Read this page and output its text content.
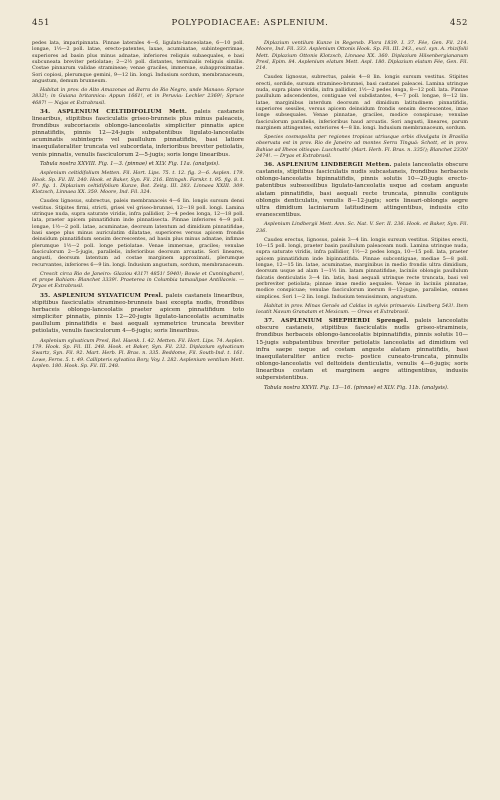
451	POLYPODIACEAE: ASPLENIUM.	452

pedes lata, imparipinnata. Pinnae laterales 4—6, ligulato-lanceolatae, 6—10 poll. longae, 1½—2 poll. latae, erecto-patentes, laxae, acuminatae, subintegerrimae, superiores ad basin plus minus adnatae, inferiores reliquis subaequales, e basi subcuneata breviter petiolatae; 2—2½ poll. distantes, terminalis reliquis similis. Costae pinnarum validae stramineae; venae graciles, immersae, subapproximatae. Sori copiosi, plerumque gemini, 9—12 lin. longi. Indusium sordum, membranaceum, angustum, demum brunneum.

Habitat in prov. do Alto Amazonas ad Barra do Rio Negro, unde Manaos: Spruce 3832!; in Guiana britannica: Appun 1661!, et in Peruvia: Lechler 2369!; Spruce 4687! — Najas et Extrabrasil.

34. ASPLENIUM CELTIDIFOLIUM Mett. paleis castaneis linearibus, stipitibus fasciculatis griseo-brunneis plus minus paleaceis, frondibus subcoriaceis oblongo-lanceolatis simpliciter pinnatis apice pinnatifidis, pinnis 12—24-jugis subpatentibus ligulato-lanceolatis acuminatis subintegris vel paullulum pinnatifidis, basi latiore inaequilateraliter truncata vel subcordata, inferioribus breviter petiolatis, venis pinnatis, venulis fasciculorum 2—5-jugis; soris longe linearibus.

Tabula nostra XXVIII. Fig. 1—3. (pinnae) et XLV. Fig. 11a. (analysis).

Asplenium celtidifolium Metten. Fil. Hort. Lips. 75. t. 12. fig. 3—6. Asplen. 179. Hook. Sp. Fil. III. 240. Hook. et Baker, Syn. Fil. 216. Ettingsh. Farnkr. t. 95. fig. 8. t. 97. fig. 1. Diplazium celtidifolium Kunze, Bot. Zeitg. III. 283. Linnaea XXIII. 309. Klotzsch, Linnaea XX. 359. Moore, Ind. Fil. 324.

Caudex lignosus, subrectus, paleis membranaceis 4—6 lin. longis sursum densi vestitus. Stipites firmi, stricti, grisei vel griseo-brunnei, 12—18 poll. longi. Lamina utrinque nuda, supra saturate viridis, infra pallidior, 2—4 pedes longa, 12—18 poll. lata, praeter apicem pinnatifidum inde pinnatisecta. Pinnae inferiores 4—9 poll. longae, 1½—2 poll. latae, acuminatae, deorsum latentum ad dimidium pinnatifidae, basi saepe plus minus auriculatim dilatatae, superiores versus apicem frondis deinsidum pinnatifidum sensim decrescentes, ad basin plus minus adnatae, infimae plerumque 1½—2 poll. longe petiolatae. Venae immersae, graciles; venulae fasciculorum 2—5-jugis, parallelis, inferioribus deorsum arcuatis. Sori lineares, angusti, deorsum latentum ad costae marginem approximati, plerumque recurvantes, inferiores 6—9 lin. longi. Indusium angustum, sordum, membranaceum.

Crescit circa Rio de Janeiro: Glaziou 4317! 4851! 5940!; Bowie et Cunningham!, et prope Bahiam: Blanchet 3339!. Praeterea in Columbia tamaulipae Antillaceis. — Dryas et Extrabrasil.

35. ASPLENIUM SYLVATICUM Presl. paleis castaneis linearibus, stipitibus fasciculatis stramineo-brunneis basi excepta nudis, frondibus herbaceis oblongo-lanceolatis praeter apicem pinnatifidum toto simpliciter pinnatis, pinnis 12—20-jugis ligulato-lanceolatis acuminatis paullulum pinnatifidis e basi aequali symmetrice truncata breviter petiolatis, venulis fasciculorum 4—6-jugis; soris linearibus.

Asplenium sylvaticum Presl, Rel. Haenk. I. 42. Metten. Fil. Hort. Lips. 74. Asplen. 179. Hook. Sp. Fil. III. 248. Hook. et Baker, Syn. Fil. 232. Diplazium sylvaticum Swartz, Syn. Fil. 92. Mart. Herb. Fl. Bras. n. 335. Beddome, Fil. South-Ind. t. 161. Lowe, Ferns. 5. t. 49. Callipteris sylvatica Bory, Voy. I. 282. Asplenium ventilum Mett. Asplen. 180. Hook. Sp. Fil. III. 248.

Diplazium ventilum Kunze in Regensb. Flora 1839. I. 37. Fée, Gen. Fil. 214. Moore, Ind. Fil. 333. Asplenium Ottonis Hook. Sp. Fil. III. 243., excl. syn. A. rhizifolii Mett. Diplazium Ottonis Klotzsch, Linnaea XX. 360. Diplazium Hilsenbergiananum Presl, Epim. 84. Asplenium elatum Mett. Aspl. 180. Diplazium elatum Fée, Gen. Fil. 214.

Caudex lignosus, subrectus, paleis 4—8 lin. longis sursum vestitus. Stipites erecti, sordide, sursum stramineo-brunnei, basi castanei paleacei. Lamina utrinque nuda, supra plane viridis, infra pallidior, 1½—2 pedes longa, 8—12 poll. lata. Pinnae paullulum adscendentes, contiguae vel subdistantes, 4—7 poll. longae, 8—12 lin. latae, marginibus interdum deorsum ad dimidium latitudinem pinnatifidis, superiores sessiles, versus apicem deinsidum frondis sensim decrescentes, imae longe subsequales. Venae pinnatae, graciles, modice conspicuae; venulae fasciculorum parallelis, inferioribus haud arcuatis. Sori angusti, lineares, parum marginem attingentes, exteriores 4—8 lin. longi. Indusium membranaceum, sordum.

Species cosmopolita per regiones tropicas utriusque orbis divulgata in Brasilia observata est in prov. Rio de Janeiro ad montes Serra Tinguá: Schott, et in prov. Bahiae ad Ilheos oltisque: Luschnath! (Mart. Herb. Fl. Bras. n. 335!); Blanchet 2330! 2474!. — Dryas et Extrabrasil.

36. ASPLENIUM LINDBERGII Metten. paleis lanceolatis obscure castaneis, stipitibus fasciculatis nudis subcastaneis, frondibus herbaceis oblongo-lanceolatis bipinnatifidis, pinnis solutis 10—20-jugis erecto-patentibus subsessilibus ligulato-lanceolatis usque ad costam anguste alatam pinnatifidis, basi aequali recte truncata, pinnulis contiguis oblongis denticulatis, venulis 8—12-jugis; soris lineari-oblongis aegre ultra dimidium laciniarum latitudinem attingentibus, indusiis cito evanescentibus.

Asplenium Lindbergii Mett. Ann. Sc. Nat. V. Ser. II. 236. Hook. et Baker, Syn. Fil. 236.

Caudex erectus, lignosus, paleis 3—4 lin. longis sursum vestitus. Stipites erecti, 10—15 poll. longi, praeter basin paullulum paleaceam nudi. Lamina utrinque nuda, supra saturate viridis, infra pallidior, 1½—2 pedes longa, 10—15 poll. lata, praeter apicem pinnatifidum inde bipinnatifida. Pinnae subcontiguae, mediae 5—8 poll. longae, 12—15 lin. latae, acuminatae, marginibus in medio frondis ultra dimidium, deorsum usque ad alam 1—1½ lin. latam pinnatifidae, laciniis oblongis paullulum falcatis denticulatis 3—4 lin. latis, basi aequali utrinque recte truncata, basi vel perbreviter petiolata; pinnae imae medio aequales. Venae in laciniis pinnatae, modice conspicuae; venulae fasciculorum inerum 8—12-jugae, parallelae, omnes simplices. Sori 1—2 lin. longi. Indusium tenuissimum, angustum.

Habitat in prov. Minas Geraës ad Caldas in sylvis primaevis: Lindberg 543!. Item locatit Navum Granatam et Mexicum. — Oreas et Extrabrasil.

37. ASPLENIUM SHEPHERDI Sprengel. paleis lanceolatis obscure castaneis, stipitibus fasciculatis nudis griseo-stramineis, frondibus herbaceis oblongo-lanceolatis bipinnatifidis, pinnis solutis 10—15-jugis subpatentibus breviter petiolatis lanceolatis ad dimidium vel infra saepe usque ad costam anguste alatam pinnatifidis, basi inaequilateraliter antice recto- postice cuneato-truncata, pinnulis oblongo-lanceolatis vel deltoideis denticulatis, venulis 4—6-jugis; soris linearibus costam et marginem aegre attingentibus, indusiis subpersistentibus.

Tabula nostra XXVII. Fig. 13—16. (pinnae) et XLV. Fig. 11b. (analysis).
